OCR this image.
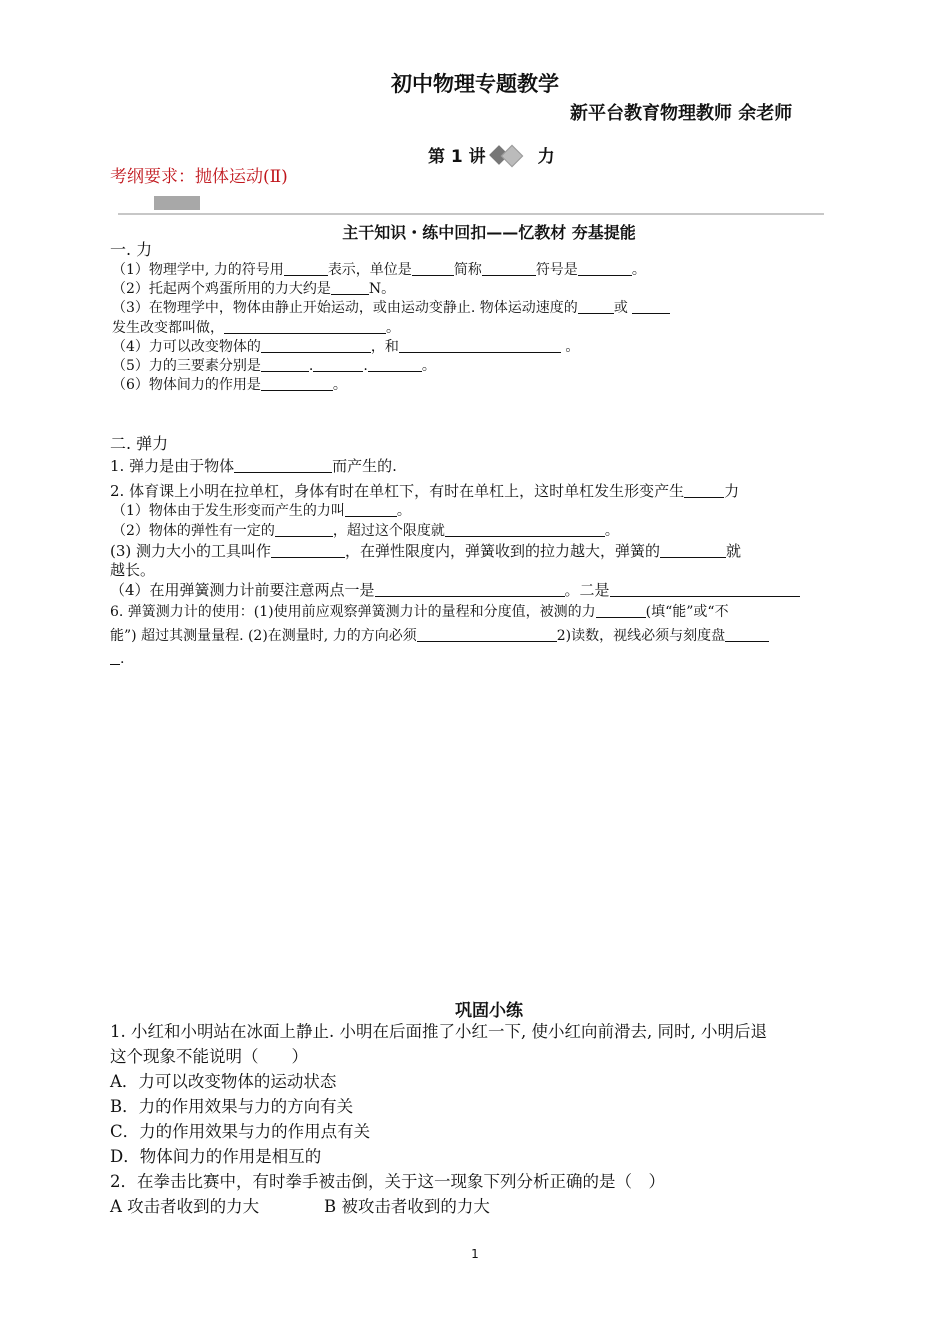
初中物理专题教学
新平台教育物理教师 余老师
第 1 讲	力
考纲要求：抛体运动(Ⅱ)
主干知识・练中回扣——忆教材 夯基提能
一. 力
（1）物理学中, 力的符号用	表示，单位是	简称	符号是	。
（2）托起两个鸡蛋所用的力大约是	N。
（3）在物理学中，物体由静止开始运动，或由运动变静止. 物体运动速度的	或
发生改变都叫做，	。
（4）力可以改变物体的	，和	。
（5）力的三要素分别是	.	.	。
（6）物体间力的作用是	。
二. 弹力
1. 弹力是由于物体	而产生的.
2. 体育课上小明在拉单杠，身体有时在单杠下，有时在单杠上，这时单杠发生形变产生	力
（1）物体由于发生形变而产生的力叫	。
（2）物体的弹性有一定的	，超过这个限度就	。
(3) 测力大小的工具叫作	，在弹性限度内，弹簧收到的拉力越大，弹簧的	就
越长。
（4）在用弹簧测力计前要注意两点一是	。二是
6. 弹簧测力计的使用：(1)使用前应观察弹簧测力计的量程和分度值，被测的力	(填“能”或“不
能”) 超过其测量量程. (2)在测量时, 力的方向必须	2)读数，视线必须与刻度盘
.
巩固小练
1. 小红和小明站在冰面上静止. 小明在后面推了小红一下, 使小红向前滑去, 同时, 小明后退
这个现象不能说明（　　）
A．力可以改变物体的运动状态
B．力的作用效果与力的方向有关
C．力的作用效果与力的作用点有关
D．物体间力的作用是相互的
2．在拳击比赛中，有时拳手被击倒，关于这一现象下列分析正确的是（　）
A 攻击者收到的力大	B 被攻击者收到的力大
1
